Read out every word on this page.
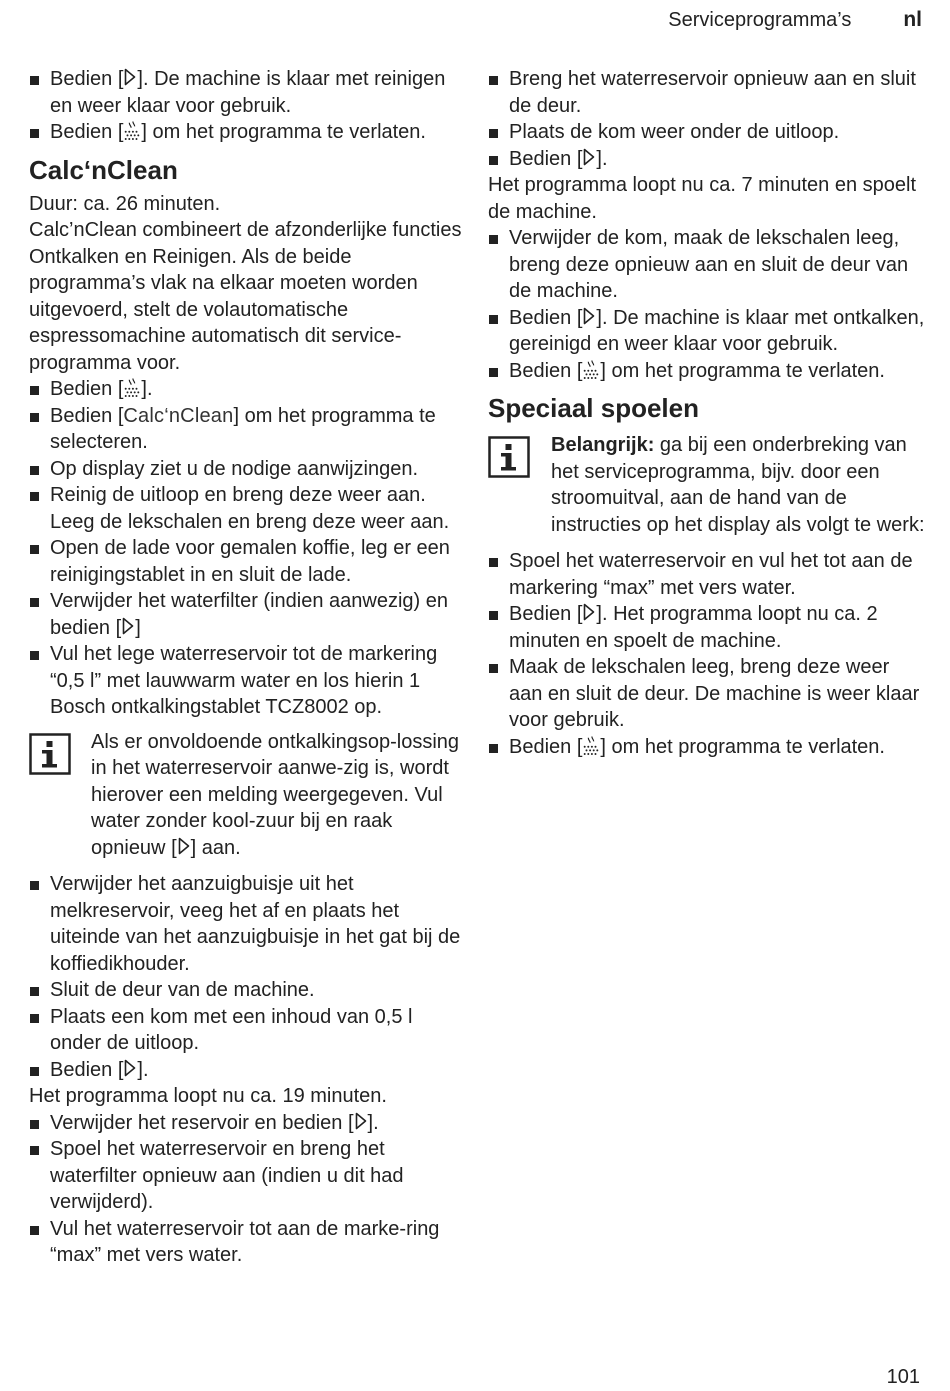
Serviceprogramma’s nl
Bedien [ ]. De machine is klaar met reinigen en weer klaar voor gebruik.
Bedien [ ] om het programma te verlaten.
Calc‘nClean
Duur: ca. 26 minuten.
Calc’nClean combineert de afzonderlijke functies Ontkalken en Reinigen. Als de beide programma’s vlak na elkaar moeten worden uitgevoerd, stelt de volautomatische espressomachine automatisch dit service-programma voor.
Bedien [ ].
Bedien [Calc‘nClean] om het programma te selecteren.
Op display ziet u de nodige aanwijzingen.
Reinig de uitloop en breng deze weer aan. Leeg de lekschalen en breng deze weer aan.
Open de lade voor gemalen koffie, leg er een reinigingstablet in en sluit de lade.
Verwijder het waterfilter (indien aanwezig) en bedien [ ]
Vul het lege waterreservoir tot de markering “0,5 l” met lauwwarm water en los hierin 1 Bosch ontkalkingstablet TCZ8002 op.
Als er onvoldoende ontkalkingsop-lossing in het waterreservoir aanwe-zig is, wordt hierover een melding weergegeven. Vul water zonder kool-zuur bij en raak opnieuw [ ] aan.
Verwijder het aanzuigbuisje uit het melkreservoir, veeg het af en plaats het uiteinde van het aanzuigbuisje in het gat bij de koffiedikhouder.
Sluit de deur van de machine.
Plaats een kom met een inhoud van 0,5 l onder de uitloop.
Bedien [ ].
Het programma loopt nu ca. 19 minuten.
Verwijder het reservoir en bedien [ ].
Spoel het waterreservoir en breng het waterfilter opnieuw aan (indien u dit had verwijderd).
Vul het waterreservoir tot aan de marke-ring “max” met vers water.
Breng het waterreservoir opnieuw aan en sluit de deur.
Plaats de kom weer onder de uitloop.
Bedien [ ].
Het programma loopt nu ca. 7 minuten en spoelt de machine.
Verwijder de kom, maak de lekschalen leeg, breng deze opnieuw aan en sluit de deur van de machine.
Bedien [ ]. De machine is klaar met ontkalken, gereinigd en weer klaar voor gebruik.
Bedien [ ] om het programma te verlaten.
Speciaal spoelen
Belangrijk: ga bij een onderbreking van het serviceprogramma, bijv. door een stroomuitval, aan de hand van de instructies op het display als volgt te werk:
Spoel het waterreservoir en vul het tot aan de markering “max” met vers water.
Bedien [ ]. Het programma loopt nu ca. 2 minuten en spoelt de machine.
Maak de lekschalen leeg, breng deze weer aan en sluit de deur. De machine is weer klaar voor gebruik.
Bedien [ ] om het programma te verlaten.
101
